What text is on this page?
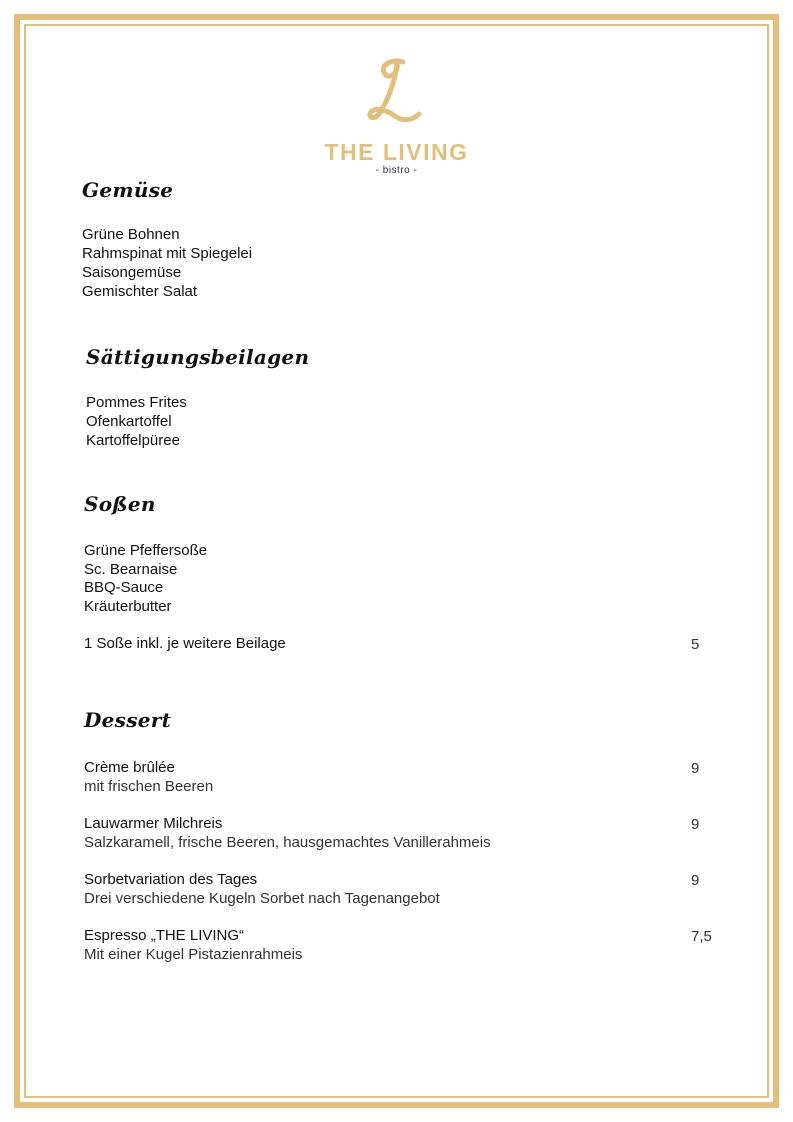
THE LIVING
- bistro -
Gemüse
Grüne Bohnen
Rahmspinat mit Spiegelei
Saisongemüse
Gemischter Salat
Sättigungsbeilagen
Pommes Frites
Ofenkartoffel
Kartoffelpüree
Soßen
Grüne Pfeffersoße
Sc. Bearnaise
BBQ-Sauce
Kräuterbutter
1 Soße inkl. je weitere Beilage	5
Dessert
Crème brûlée
mit frischen Beeren
9
Lauwarmer Milchreis
Salzkaramell, frische Beeren, hausgemachtes Vanillerahmeis
9
Sorbetvariation des Tages
Drei verschiedene Kugeln Sorbet nach Tagenangebot
9
Espresso „THE LIVING“
Mit einer Kugel Pistazienrahmeis
7,5
